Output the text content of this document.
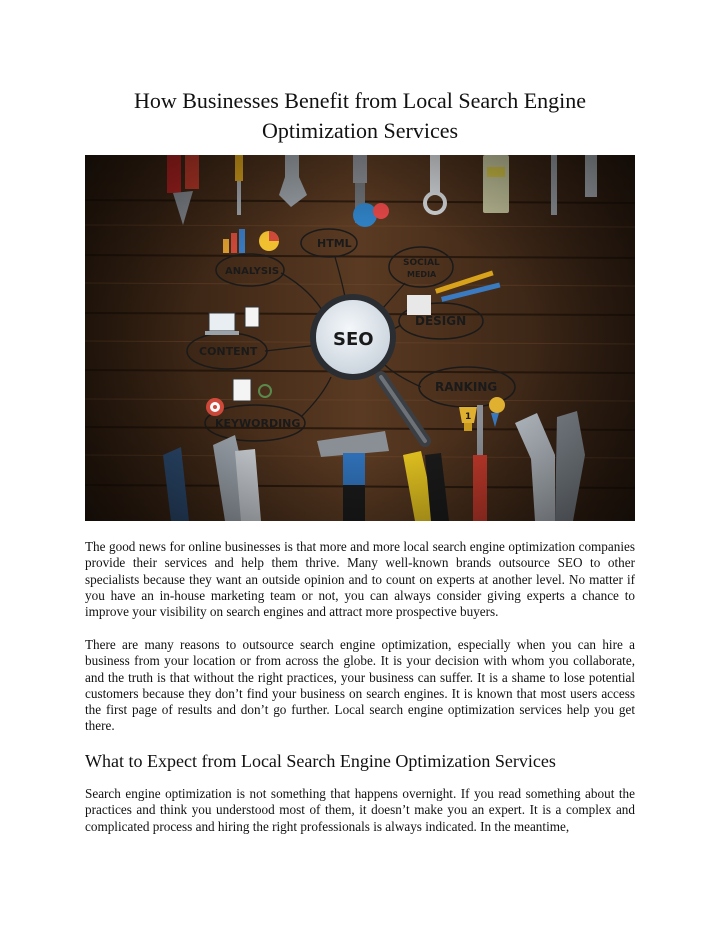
How Businesses Benefit from Local Search Engine Optimization Services

The good news for online businesses is that more and more local search engine optimization companies provide their services and help them thrive. Many well-known brands outsource SEO to other specialists because they want an outside opinion and to count on experts at another level. No matter if you have an in-house marketing team or not, you can always consider giving experts a chance to improve your visibility on search engines and attract more prospective buyers.

There are many reasons to outsource search engine optimization, especially when you can hire a business from your location or from across the globe. It is your decision with whom you collaborate, and the truth is that without the right practices, your business can suffer. It is a shame to lose potential customers because they don’t find your business on search engines. It is known that most users access the first page of results and don’t go further. Local search engine optimization services help you get there.

What to Expect from Local Search Engine Optimization Services

Search engine optimization is not something that happens overnight. If you read something about the practices and think you understood most of them, it doesn’t make you an expert. It is a complex and complicated process and hiring the right professionals is always indicated. In the meantime,
